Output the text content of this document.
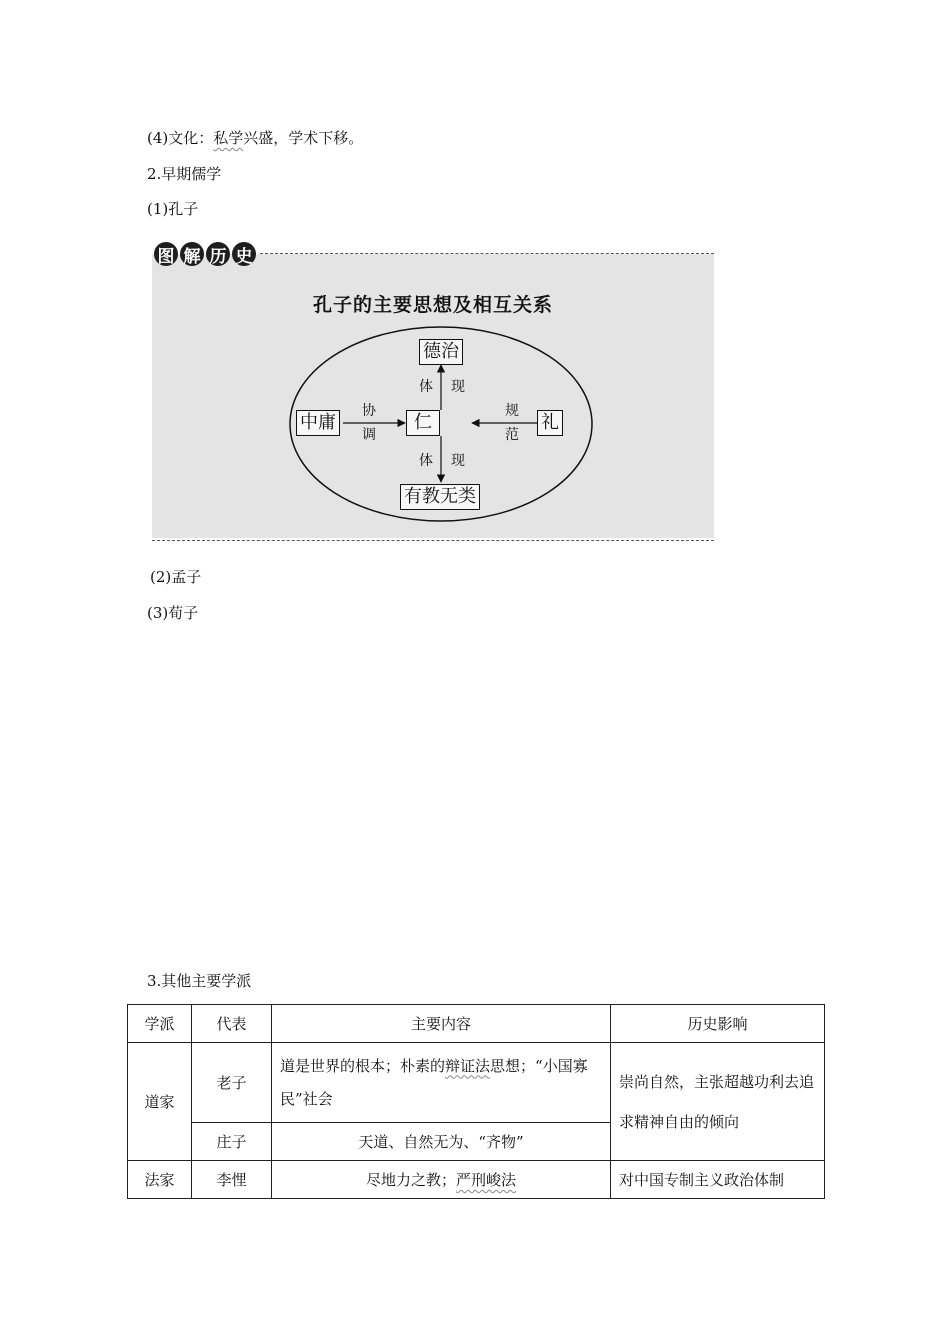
(4)文化：私学兴盛，学术下移。
2.早期儒学
(1)孔子
图 解 历 史
孔子的主要思想及相互关系
仁
德治
有教无类
中庸	礼
体 现
体 现
协
调
规
范
(2)孟子
(3)荀子
3.其他主要学派
学派	代表	主要内容	历史影响
道家	老子	道是世界的根本；朴素的辩证法思想；“小国寡民”社会	崇尚自然，主张超越功利去追求精神自由的倾向
	庄子	天道、自然无为、“齐物”	
法家	李悝	尽地力之教；严刑峻法	对中国专制主义政治体制
